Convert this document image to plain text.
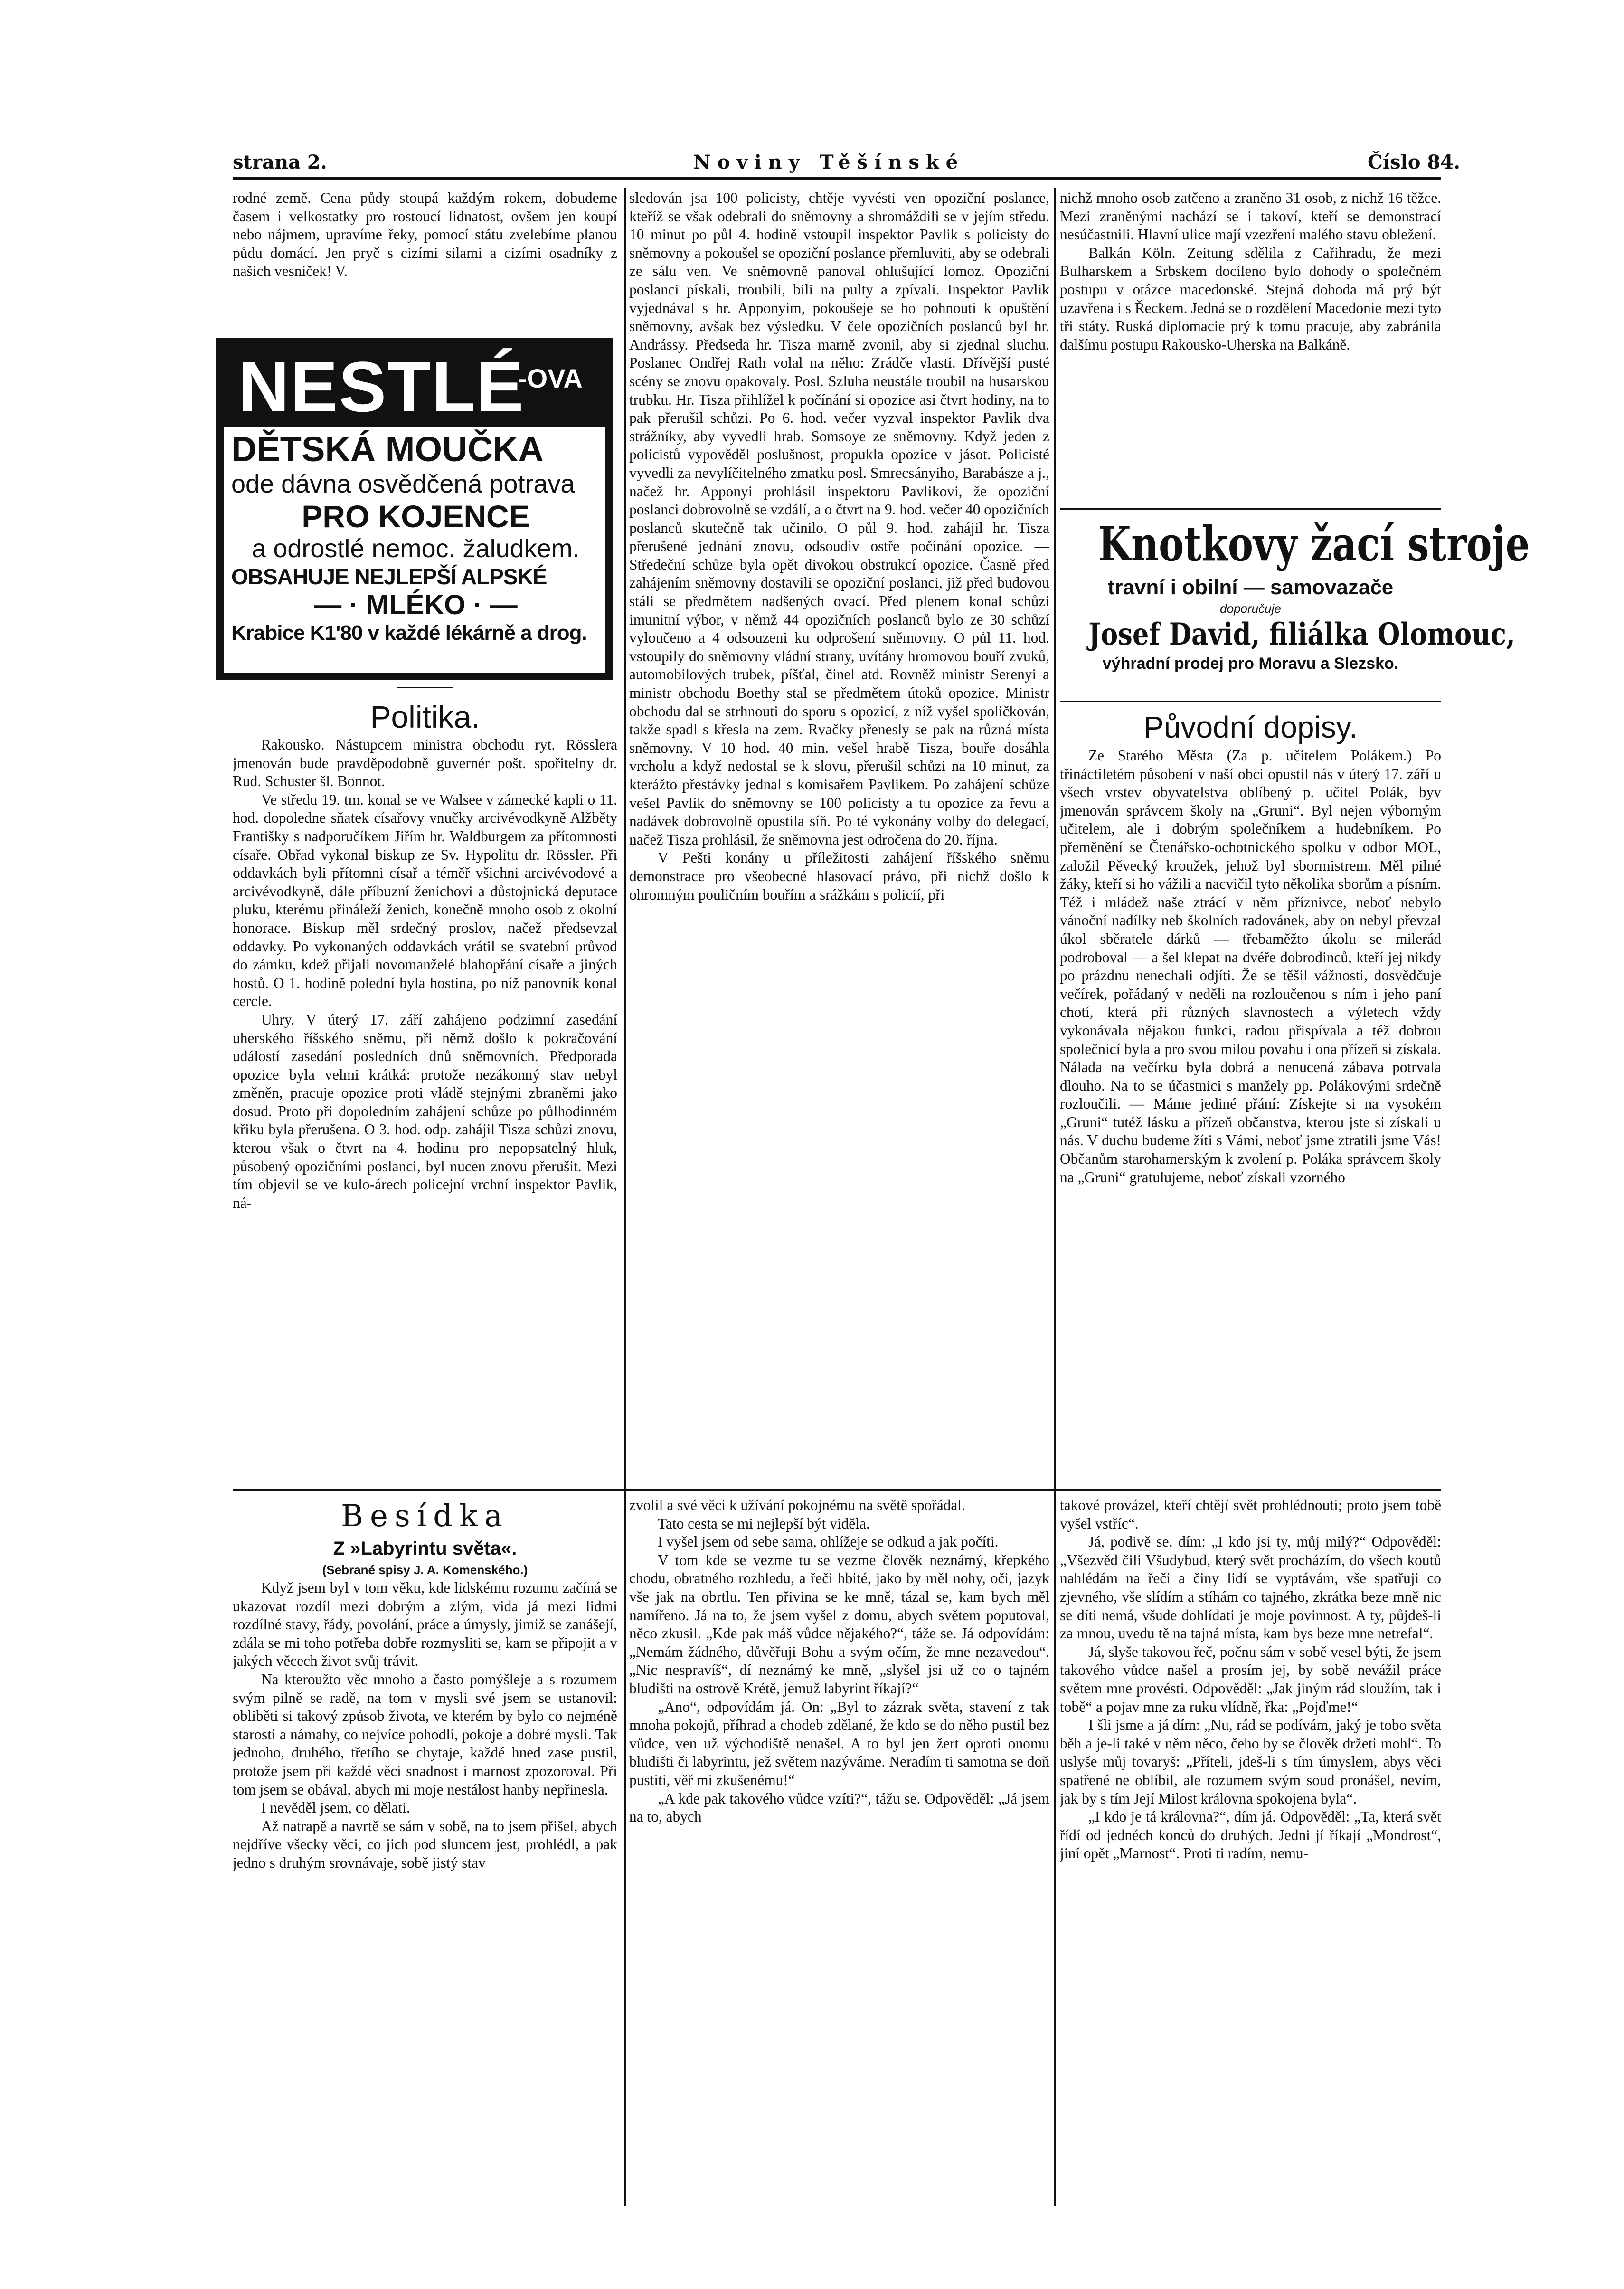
strana 2.	Noviny Těšínské	Číslo 84.

rodné země. Cena půdy stoupá každým rokem, dobudeme časem i velkostatky pro rostoucí lidnatost, ovšem jen koupí nebo nájmem, upravíme řeky, pomocí státu zvelebíme planou půdu domácí. Jen pryč s cizími silami a cizími osadníky z našich vesniček! V.

NESTLÉ
-OVA
DĚTSKÁ MOUČKA
ode dávna osvědčená potrava
PRO KOJENCE
a odrostlé nemoc. žaludkem.
OBSAHUJE NEJLEPŠÍ ALPSKÉ
— · MLÉKO · —
Krabice K1'80 v každé lékárně a drog.
Politika.

Rakousko. Nástupcem ministra obchodu ryt. Rösslera jmenován bude pravděpodobně guvernér pošt. spořitelny dr. Rud. Schuster šl. Bonnot.

Ve středu 19. tm. konal se ve Walsee v zámecké kapli o 11. hod. dopoledne sňatek císařovy vnučky arcivévodkyně Alžběty Františky s nadporučíkem Jiřím hr. Waldburgem za přítomnosti císaře. Obřad vykonal biskup ze Sv. Hypolitu dr. Rössler. Při oddavkách byli přítomni císař a téměř všichni arcivévodové a arcivévodkyně, dále příbuzní ženichovi a důstojnická deputace pluku, kterému přináleží ženich, konečně mnoho osob z okolní honorace. Biskup měl srdečný proslov, načež předsevzal oddavky. Po vykonaných oddavkách vrátil se svatební průvod do zámku, kdež přijali novomanželé blahopřání císaře a jiných hostů. O 1. hodině polední byla hostina, po níž panovník konal cercle.

Uhry. V úterý 17. září zahájeno podzimní zasedání uherského říšského sněmu, při němž došlo k pokračování událostí zasedání posledních dnů sněmovních. Předporada opozice byla velmi krátká: protože nezákonný stav nebyl změněn, pracuje opozice proti vládě stejnými zbraněmi jako dosud. Proto při dopoledním zahájení schůze po půlhodinném křiku byla přerušena. O 3. hod. odp. zahájil Tisza schůzi znovu, kterou však o čtvrt na 4. hodinu pro nepopsatelný hluk, působený opozičními poslanci, byl nucen znovu přerušit. Mezi tím objevil se ve kulo-árech policejní vrchní inspektor Pavlik, ná-

sledován jsa 100 policisty, chtěje vyvésti ven opoziční poslance, kteříž se však odebrali do sněmovny a shromáždili se v jejím středu. 10 minut po půl 4. hodině vstoupil inspektor Pavlik s policisty do sněmovny a pokoušel se opoziční poslance přemluviti, aby se odebrali ze sálu ven. Ve sněmovně panoval ohlušující lomoz. Opoziční poslanci pískali, troubili, bili na pulty a zpívali. Inspektor Pavlik vyjednával s hr. Apponyim, pokoušeje se ho pohnouti k opuštění sněmovny, avšak bez výsledku. V čele opozičních poslanců byl hr. Andrássy. Předseda hr. Tisza marně zvonil, aby si zjednal sluchu. Poslanec Ondřej Rath volal na něho: Zrádče vlasti. Dřívější pusté scény se znovu opakovaly. Posl. Szluha neustále troubil na husarskou trubku. Hr. Tisza přihlížel k počínání si opozice asi čtvrt hodiny, na to pak přerušil schůzi. Po 6. hod. večer vyzval inspektor Pavlik dva strážníky, aby vyvedli hrab. Somsoye ze sněmovny. Když jeden z policistů vypověděl poslušnost, propukla opozice v jásot. Policisté vyvedli za nevylíčitelného zmatku posl. Smrecsányiho, Barabásze a j., načež hr. Apponyi prohlásil inspektoru Pavlikovi, že opoziční poslanci dobrovolně se vzdálí, a o čtvrt na 9. hod. večer 40 opozičních poslanců skutečně tak učinilo. O půl 9. hod. zahájil hr. Tisza přerušené jednání znovu, odsoudiv ostře počínání opozice. — Středeční schůze byla opět divokou obstrukcí opozice. Časně před zahájením sněmovny dostavili se opoziční poslanci, již před budovou stáli se předmětem nadšených ovací. Před plenem konal schůzi imunitní výbor, v němž 44 opozičních poslanců bylo ze 30 schůzí vyloučeno a 4 odsouzeni ku odprošení sněmovny. O půl 11. hod. vstoupily do sněmovny vládní strany, uvítány hromovou bouří zvuků, automobilových trubek, píšťal, činel atd. Rovněž ministr Serenyi a ministr obchodu Boethy stal se předmětem útoků opozice. Ministr obchodu dal se strhnouti do sporu s opozicí, z níž vyšel spoličkován, takže spadl s křesla na zem. Rvačky přenesly se pak na různá místa sněmovny. V 10 hod. 40 min. vešel hrabě Tisza, bouře dosáhla vrcholu a když nedostal se k slovu, přerušil schůzi na 10 minut, za kterážto přestávky jednal s komisařem Pavlikem. Po zahájení schůze vešel Pavlik do sněmovny se 100 policisty a tu opozice za řevu a nadávek dobrovolně opustila síň. Po té vykonány volby do delegací, načež Tisza prohlásil, že sněmovna jest odročena do 20. října.

V Pešti konány u příležitosti zahájení říšského sněmu demonstrace pro všeobecné hlasovací právo, při nichž došlo k ohromným pouličním bouřím a srážkám s policií, při

nichž mnoho osob zatčeno a zraněno 31 osob, z nichž 16 těžce. Mezi zraněnými nachází se i takoví, kteří se demonstrací nesúčastnili. Hlavní ulice mají vzezření malého stavu obležení.

Balkán Köln. Zeitung sdělila z Cařihradu, že mezi Bulharskem a Srbskem docíleno bylo dohody o společném postupu v otázce macedonské. Stejná dohoda má prý být uzavřena i s Řeckem. Jedná se o rozdělení Macedonie mezi tyto tři státy. Ruská diplomacie prý k tomu pracuje, aby zabránila dalšímu postupu Rakousko-Uherska na Balkáně.

Knotkovy žací stroje
travní i obilní — samovazače
doporučuje
Josef David, filiálka Olomouc,
výhradní prodej pro Moravu a Slezsko.
Původní dopisy.

Ze Starého Města (Za p. učitelem Polákem.) Po třináctiletém působení v naší obci opustil nás v úterý 17. září u všech vrstev obyvatelstva oblíbený p. učitel Polák, byv jmenován správcem školy na „Gruni“. Byl nejen výborným učitelem, ale i dobrým společníkem a hudebníkem. Po přeměnění se Čtenářsko-ochotnického spolku v odbor MOL, založil Pěvecký kroužek, jehož byl sbormistrem. Měl pilné žáky, kteří si ho vážili a nacvičil tyto několika sborům a písním. Též i mládež naše ztrácí v něm příznivce, neboť nebylo vánoční nadílky neb školních radovánek, aby on nebyl převzal úkol sběratele dárků — třebaměžto úkolu se milerád podroboval — a šel klepat na dvéře dobrodinců, kteří jej nikdy po prázdnu nenechali odjíti. Že se těšil vážnosti, dosvědčuje večírek, pořádaný v neděli na rozloučenou s ním i jeho paní chotí, která při různých slavnostech a výletech vždy vykonávala nějakou funkci, radou přispívala a též dobrou společnicí byla a pro svou milou povahu i ona přízeň si získala. Nálada na večírku byla dobrá a nenucená zábava potrvala dlouho. Na to se účastnici s manžely pp. Polákovými srdečně rozloučili. — Máme jediné přání: Získejte si na vysokém „Gruni“ tutéž lásku a přízeň občanstva, kterou jste si získali u nás. V duchu budeme žíti s Vámi, neboť jsme ztratili jsme Vás! Občanům starohamerským k zvolení p. Poláka správcem školy na „Gruni“ gratulujeme, neboť získali vzorného

Besídka
Z »Labyrintu světa«.
(Sebrané spisy J. A. Komenského.)

Když jsem byl v tom věku, kde lidskému rozumu začíná se ukazovat rozdíl mezi dobrým a zlým, vida já mezi lidmi rozdílné stavy, řády, povolání, práce a úmysly, jimiž se zanášejí, zdála se mi toho potřeba dobře rozmysliti se, kam se připojit a v jakých věcech život svůj trávit.

Na kteroužto věc mnoho a často pomýšleje a s rozumem svým pilně se radě, na tom v mysli své jsem se ustanovil: obliběti si takový způsob života, ve kterém by bylo co nejméně starosti a námahy, co nejvíce pohodlí, pokoje a dobré mysli. Tak jednoho, druhého, třetího se chytaje, každé hned zase pustil, protože jsem při každé věci snadnost i marnost zpozoroval. Při tom jsem se obával, abych mi moje nestálost hanby nepřinesla.

I nevěděl jsem, co dělati.

Až natrapě a navrtě se sám v sobě, na to jsem přišel, abych nejdříve všecky věci, co jich pod sluncem jest, prohlédl, a pak jedno s druhým srovnávaje, sobě jistý stav

zvolil a své věci k užívání pokojnému na světě spořádal.

Tato cesta se mi nejlepší být viděla.

I vyšel jsem od sebe sama, ohlížeje se odkud a jak počíti.

V tom kde se vezme tu se vezme člověk neznámý, křepkého chodu, obratného rozhledu, a řeči hbité, jako by měl nohy, oči, jazyk vše jak na obrtlu. Ten přivina se ke mně, tázal se, kam bych měl namířeno. Já na to, že jsem vyšel z domu, abych světem poputoval, něco zkusil. „Kde pak máš vůdce nějakého?“, táže se. Já odpovídám: „Nemám žádného, důvěřuji Bohu a svým očím, že mne nezavedou“. „Nic nespravíš“, dí neznámý ke mně, „slyšel jsi už co o tajném bludišti na ostrově Krétě, jemuž labyrint říkají?“

„Ano“, odpovídám já. On: „Byl to zázrak světa, stavení z tak mnoha pokojů, příhrad a chodeb zdělané, že kdo se do něho pustil bez vůdce, ven už východiště nenašel. A to byl jen žert oproti onomu bludišti či labyrintu, jež světem nazýváme. Neradím ti samotna se doň pustiti, věř mi zkušenému!“

„A kde pak takového vůdce vzíti?“, tážu se. Odpověděl: „Já jsem na to, abych

takové provázel, kteří chtějí svět prohlédnouti; proto jsem tobě vyšel vstříc“.

Já, podivě se, dím: „I kdo jsi ty, můj milý?“ Odpověděl: „Všezvěd čili Všudybud, který svět procházím, do všech koutů nahlédám na řeči a činy lidí se vyptávám, vše spatřuji co zjevného, vše slídím a stíhám co tajného, zkrátka beze mně nic se díti nemá, všude dohlídati je moje povinnost. A ty, půjdeš-li za mnou, uvedu tě na tajná místa, kam bys beze mne netrefal“.

Já, slyše takovou řeč, počnu sám v sobě vesel býti, že jsem takového vůdce našel a prosím jej, by sobě nevážil práce světem mne provésti. Odpověděl: „Jak jiným rád sloužím, tak i tobě“ a pojav mne za ruku vlídně, řka: „Pojďme!“

I šli jsme a já dím: „Nu, rád se podívám, jaký je tobo světa běh a je-li také v něm něco, čeho by se člověk držeti mohl“. To uslyše můj tovaryš: „Příteli, jdeš-li s tím úmyslem, abys věci spatřené ne oblíbil, ale rozumem svým soud pronášel, nevím, jak by s tím Její Milost královna spokojena byla“.

„I kdo je tá královna?“, dím já. Odpověděl: „Ta, která svět řídí od jednéch konců do druhých. Jedni jí říkají „Mondrost“, jiní opět „Marnost“. Proti ti radím, nemu-
